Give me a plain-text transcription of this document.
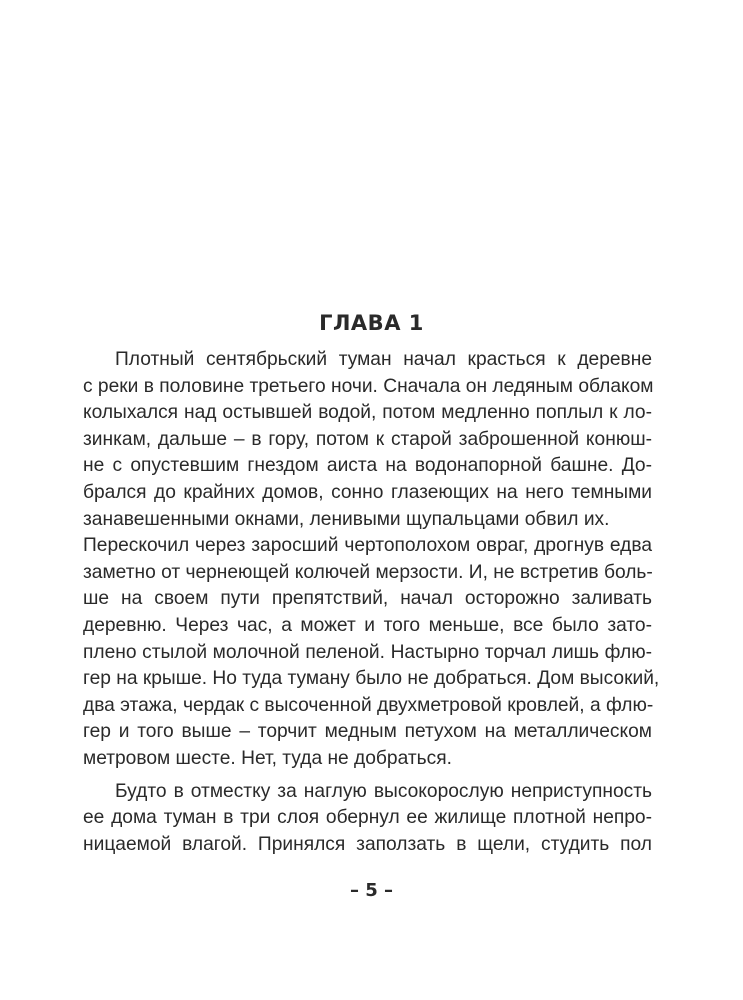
ГЛАВА 1
Плотный сентябрьский туман начал красться к деревне
с реки в половине третьего ночи. Сначала он ледяным облаком
колыхался над остывшей водой, потом медленно поплыл к ло-
зинкам, дальше – в гору, потом к старой заброшенной конюш-
не с опустевшим гнездом аиста на водонапорной башне. До-
брался до крайних домов, сонно глазеющих на него темными
занавешенными окнами, ленивыми щупальцами обвил их.
Перескочил через заросший чертополохом овраг, дрогнув едва
заметно от чернеющей колючей мерзости. И, не встретив боль-
ше на своем пути препятствий, начал осторожно заливать
деревню. Через час, а может и того меньше, все было зато-
плено стылой молочной пеленой. Настырно торчал лишь флю-
гер на крыше. Но туда туману было не добраться. Дом высокий,
два этажа, чердак с высоченной двухметровой кровлей, а флю-
гер и того выше – торчит медным петухом на металлическом
метровом шесте. Нет, туда не добраться.
Будто в отместку за наглую высокорослую неприступность
ее дома туман в три слоя обернул ее жилище плотной непро-
ницаемой влагой. Принялся заползать в щели, студить пол
– 5 –
